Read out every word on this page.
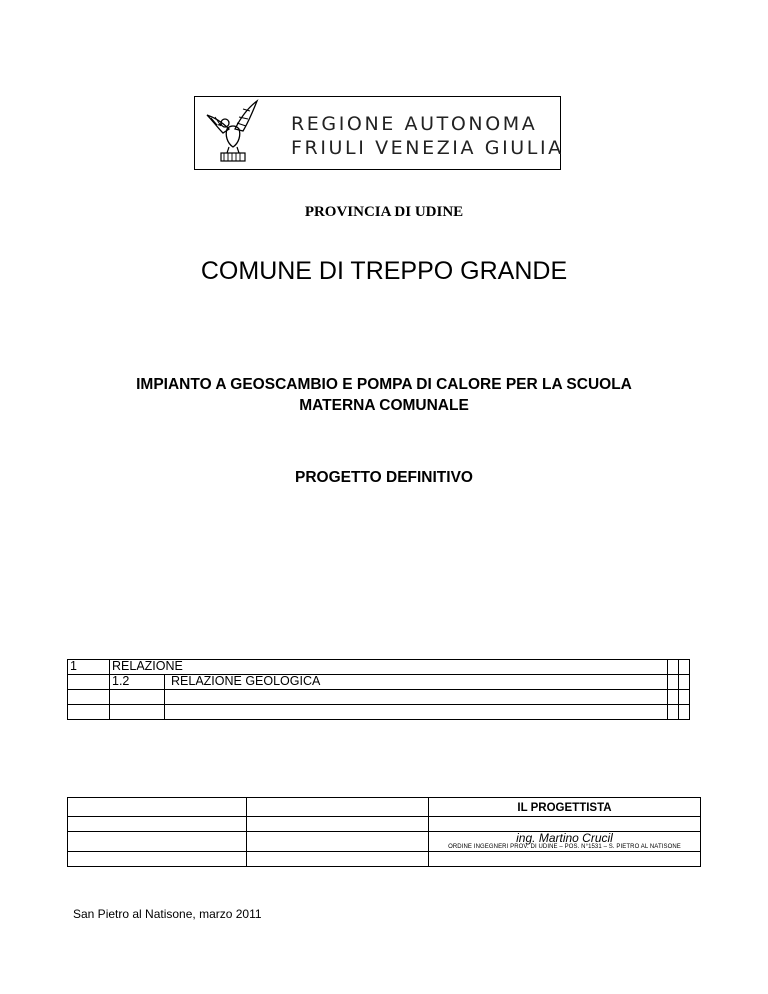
REGIONE AUTONOMA
FRIULI VENEZIA GIULIA
PROVINCIA DI UDINE
COMUNE DI TREPPO GRANDE
IMPIANTO A GEOSCAMBIO E POMPA DI CALORE PER LA SCUOLA
MATERNA COMUNALE
PROGETTO DEFINITIVO
1	RELAZIONE			
	1.2	RELAZIONE GEOLOGICA		

		IL PROGETTISTA

		ing. Martino Crucil
ORDINE INGEGNERI PROV. DI UDINE – POS. N°1531 – S. PIETRO AL NATISONE

San Pietro al Natisone, marzo 2011
